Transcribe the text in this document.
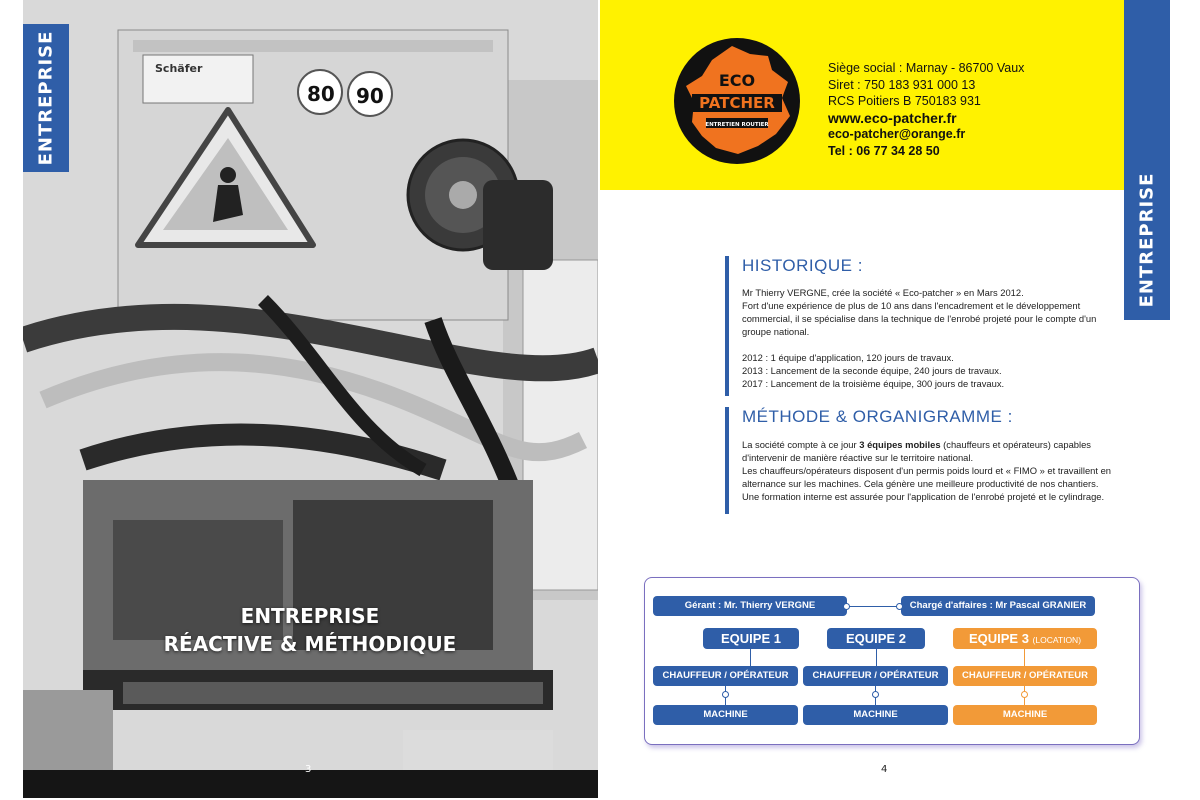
Schäfer
80 90
ENTREPRISE
ENTREPRISE
RÉACTIVE & MÉTHODIQUE
3
ECO
PATCHER
ENTRETIEN ROUTIER
Siège social : Marnay - 86700 Vaux
Siret : 750 183 931 000 13
RCS Poitiers B 750183 931
www.eco-patcher.fr
eco-patcher@orange.fr
Tel : 06 77 34 28 50
ENTREPRISE
HISTORIQUE :

Mr Thierry VERGNE, crée la société « Eco-patcher » en Mars 2012.

Fort d'une expérience de plus de 10 ans dans l'encadrement et le développement commercial, il se spécialise dans la technique de l'enrobé projeté pour le compte d'un groupe national.

2012 : 1 équipe d'application, 120 jours de travaux.

2013 : Lancement de la seconde équipe, 240 jours de travaux.

2017 : Lancement de la troisième équipe, 300 jours de travaux.

MÉTHODE & ORGANIGRAMME :

La société compte à ce jour 3 équipes mobiles (chauffeurs et opérateurs) capables d'intervenir de manière réactive sur le territoire national.

Les chauffeurs/opérateurs disposent d'un permis poids lourd et « FIMO » et travaillent en alternance sur les machines. Cela génère une meilleure productivité de nos chantiers. Une formation interne est assurée pour l'application de l'enrobé projeté et le cylindrage.

Gérant : Mr. Thierry VERGNE	Chargé d'affaires : Mr Pascal GRANIER
EQUIPE 1	EQUIPE 2	EQUIPE 3 (LOCATION)
CHAUFFEUR / OPÉRATEUR	CHAUFFEUR / OPÉRATEUR	CHAUFFEUR / OPÉRATEUR
MACHINE	MACHINE	MACHINE
4
